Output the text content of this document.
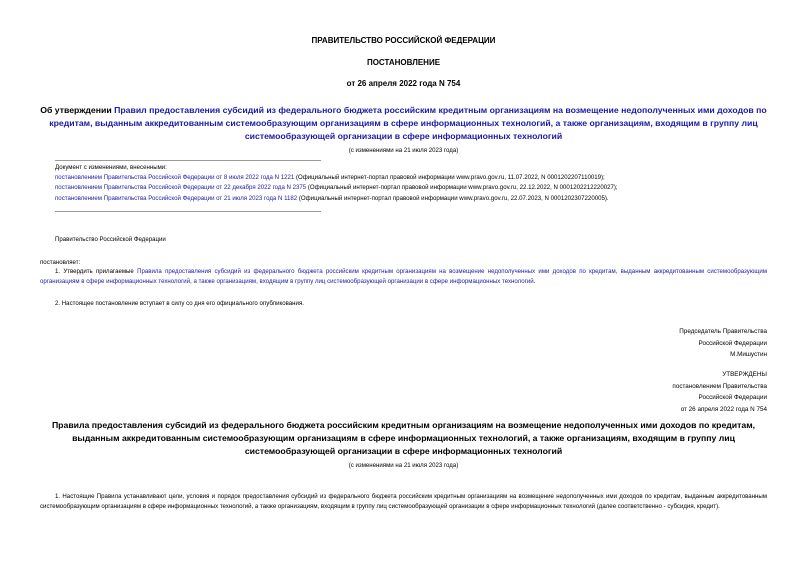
ПРАВИТЕЛЬСТВО РОССИЙСКОЙ ФЕДЕРАЦИИ
ПОСТАНОВЛЕНИЕ
от 26 апреля 2022 года N 754
Об утверждении Правил предоставления субсидий из федерального бюджета российским кредитным организациям на возмещение недополученных ими доходов по кредитам, выданным аккредитованным системообразующим организациям в сфере информационных технологий, а также организациям, входящим в группу лиц системообразующей организации в сфере информационных технологий
(с изменениями на 21 июля 2023 года)
Документ с изменениями, внесенными:
постановлением Правительства Российской Федерации от 8 июля 2022 года N 1221 (Официальный интернет-портал правовой информации www.pravo.gov.ru, 11.07.2022, N 0001202207110019);
постановлением Правительства Российской Федерации от 22 декабря 2022 года N 2375 (Официальный интернет-портал правовой информации www.pravo.gov.ru, 22.12.2022, N 0001202212220027);
постановлением Правительства Российской Федерации от 21 июля 2023 года N 1182 (Официальный интернет-портал правовой информации www.pravo.gov.ru, 22.07.2023, N 0001202307220005).
Правительство Российской Федерации
постановляет:
1. Утвердить прилагаемые Правила предоставления субсидий из федерального бюджета российским кредитным организациям на возмещение недополученных ими доходов по кредитам, выданным аккредитованным системообразующим организациям в сфере информационных технологий, а также организациям, входящим в группу лиц системообразующей организации в сфере информационных технологий.
2. Настоящее постановление вступает в силу со дня его официального опубликования.
Председатель Правительства
Российской Федерации
М.Мишустин
УТВЕРЖДЕНЫ
постановлением Правительства
Российской Федерации
от 26 апреля 2022 года N 754
Правила предоставления субсидий из федерального бюджета российским кредитным организациям на возмещение недополученных ими доходов по кредитам, выданным аккредитованным системообразующим организациям в сфере информационных технологий, а также организациям, входящим в группу лиц системообразующей организации в сфере информационных технологий
(с изменениями на 21 июля 2023 года)
1. Настоящие Правила устанавливают цели, условия и порядок предоставления субсидий из федерального бюджета российским кредитным организациям на возмещение недополученных ими доходов по кредитам, выданным аккредитованным системообразующим организациям в сфере информационных технологий, а также организациям, входящим в группу лиц системообразующей организации в сфере информационных технологий (далее соответственно - субсидия, кредит).
